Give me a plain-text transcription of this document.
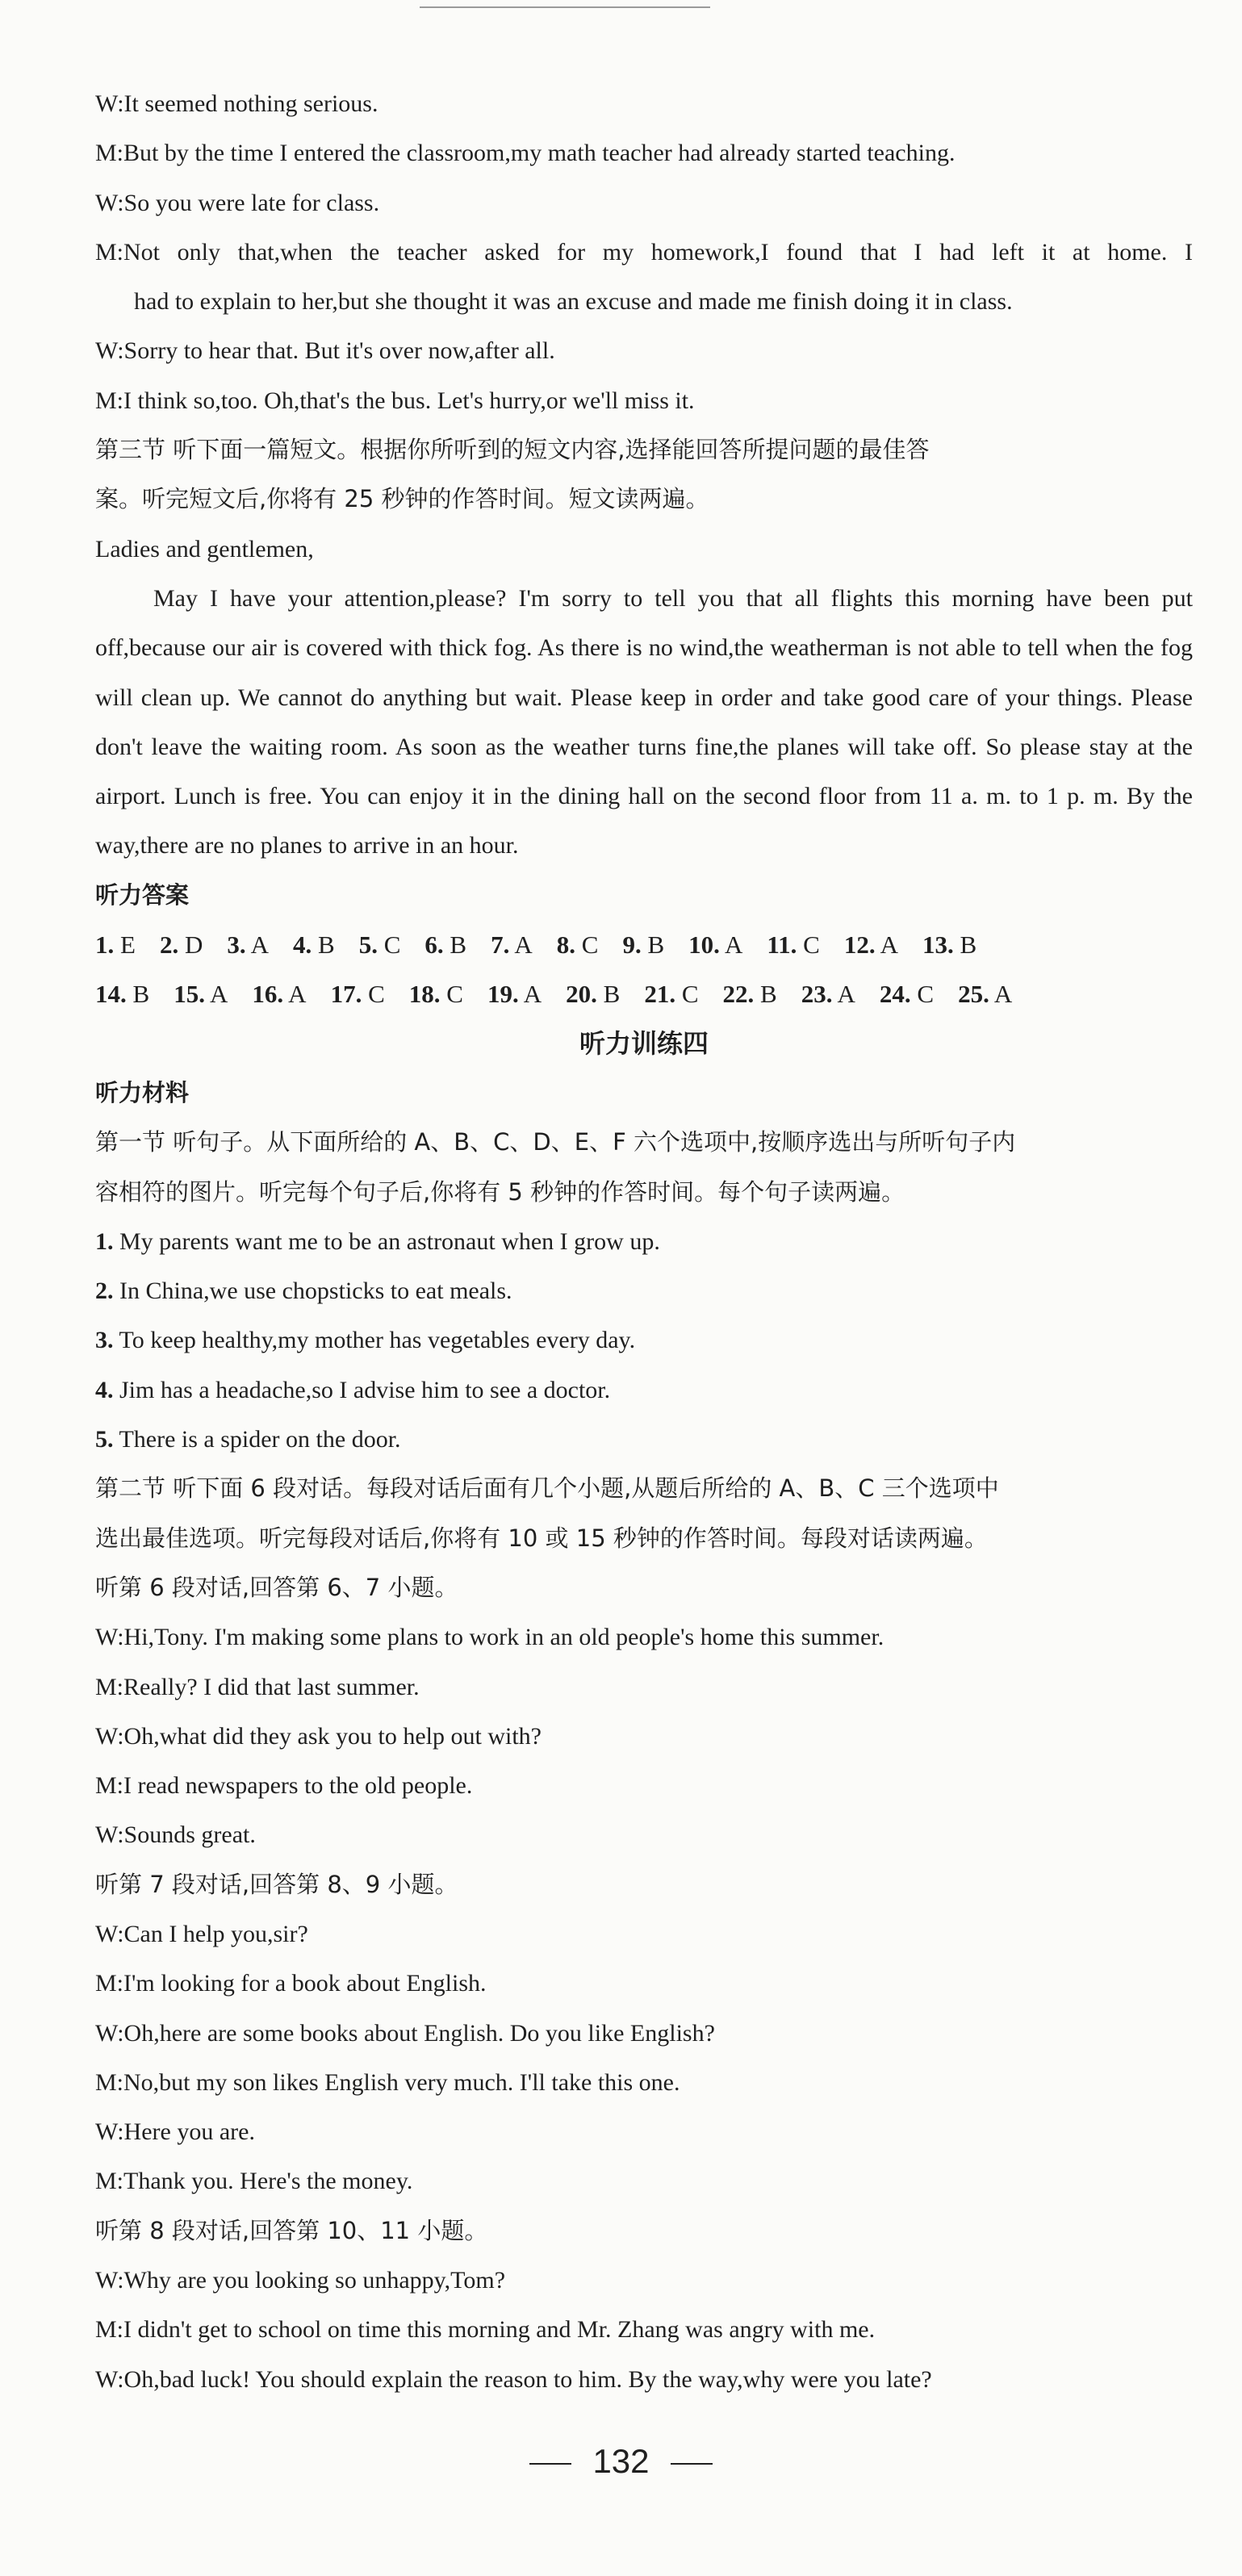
W:It seemed nothing serious.
M:But by the time I entered the classroom,my math teacher had already started teaching.
W:So you were late for class.
M:Not only that,when the teacher asked for my homework,I found that I had left it at home. I
had to explain to her,but she thought it was an excuse and made me finish doing it in class.
W:Sorry to hear that. But it's over now,after all.
M:I think so,too. Oh,that's the bus. Let's hurry,or we'll miss it.
第三节 听下面一篇短文。根据你所听到的短文内容,选择能回答所提问题的最佳答
案。听完短文后,你将有 25 秒钟的作答时间。短文读两遍。
Ladies and gentlemen,
May I have your attention,please? I'm sorry to tell you that all flights this morning have been put off,because our air is covered with thick fog. As there is no wind,the weatherman is not able to tell when the fog will clean up. We cannot do anything but wait. Please keep in order and take good care of your things. Please don't leave the waiting room. As soon as the weather turns fine,the planes will take off. So please stay at the airport. Lunch is free. You can enjoy it in the dining hall on the second floor from 11 a. m. to 1 p. m. By the way,there are no planes to arrive in an hour.
听力答案
1. E 2. D 3. A 4. B 5. C 6. B 7. A 8. C 9. B 10. A 11. C 12. A 13. B
14. B 15. A 16. A 17. C 18. C 19. A 20. B 21. C 22. B 23. A 24. C 25. A
听力训练四
听力材料
第一节 听句子。从下面所给的 A、B、C、D、E、F 六个选项中,按顺序选出与所听句子内
容相符的图片。听完每个句子后,你将有 5 秒钟的作答时间。每个句子读两遍。
1. My parents want me to be an astronaut when I grow up.
2. In China,we use chopsticks to eat meals.
3. To keep healthy,my mother has vegetables every day.
4. Jim has a headache,so I advise him to see a doctor.
5. There is a spider on the door.
第二节 听下面 6 段对话。每段对话后面有几个小题,从题后所给的 A、B、C 三个选项中
选出最佳选项。听完每段对话后,你将有 10 或 15 秒钟的作答时间。每段对话读两遍。
听第 6 段对话,回答第 6、7 小题。
W:Hi,Tony. I'm making some plans to work in an old people's home this summer.
M:Really? I did that last summer.
W:Oh,what did they ask you to help out with?
M:I read newspapers to the old people.
W:Sounds great.
听第 7 段对话,回答第 8、9 小题。
W:Can I help you,sir?
M:I'm looking for a book about English.
W:Oh,here are some books about English. Do you like English?
M:No,but my son likes English very much. I'll take this one.
W:Here you are.
M:Thank you. Here's the money.
听第 8 段对话,回答第 10、11 小题。
W:Why are you looking so unhappy,Tom?
M:I didn't get to school on time this morning and Mr. Zhang was angry with me.
W:Oh,bad luck! You should explain the reason to him. By the way,why were you late?
132
